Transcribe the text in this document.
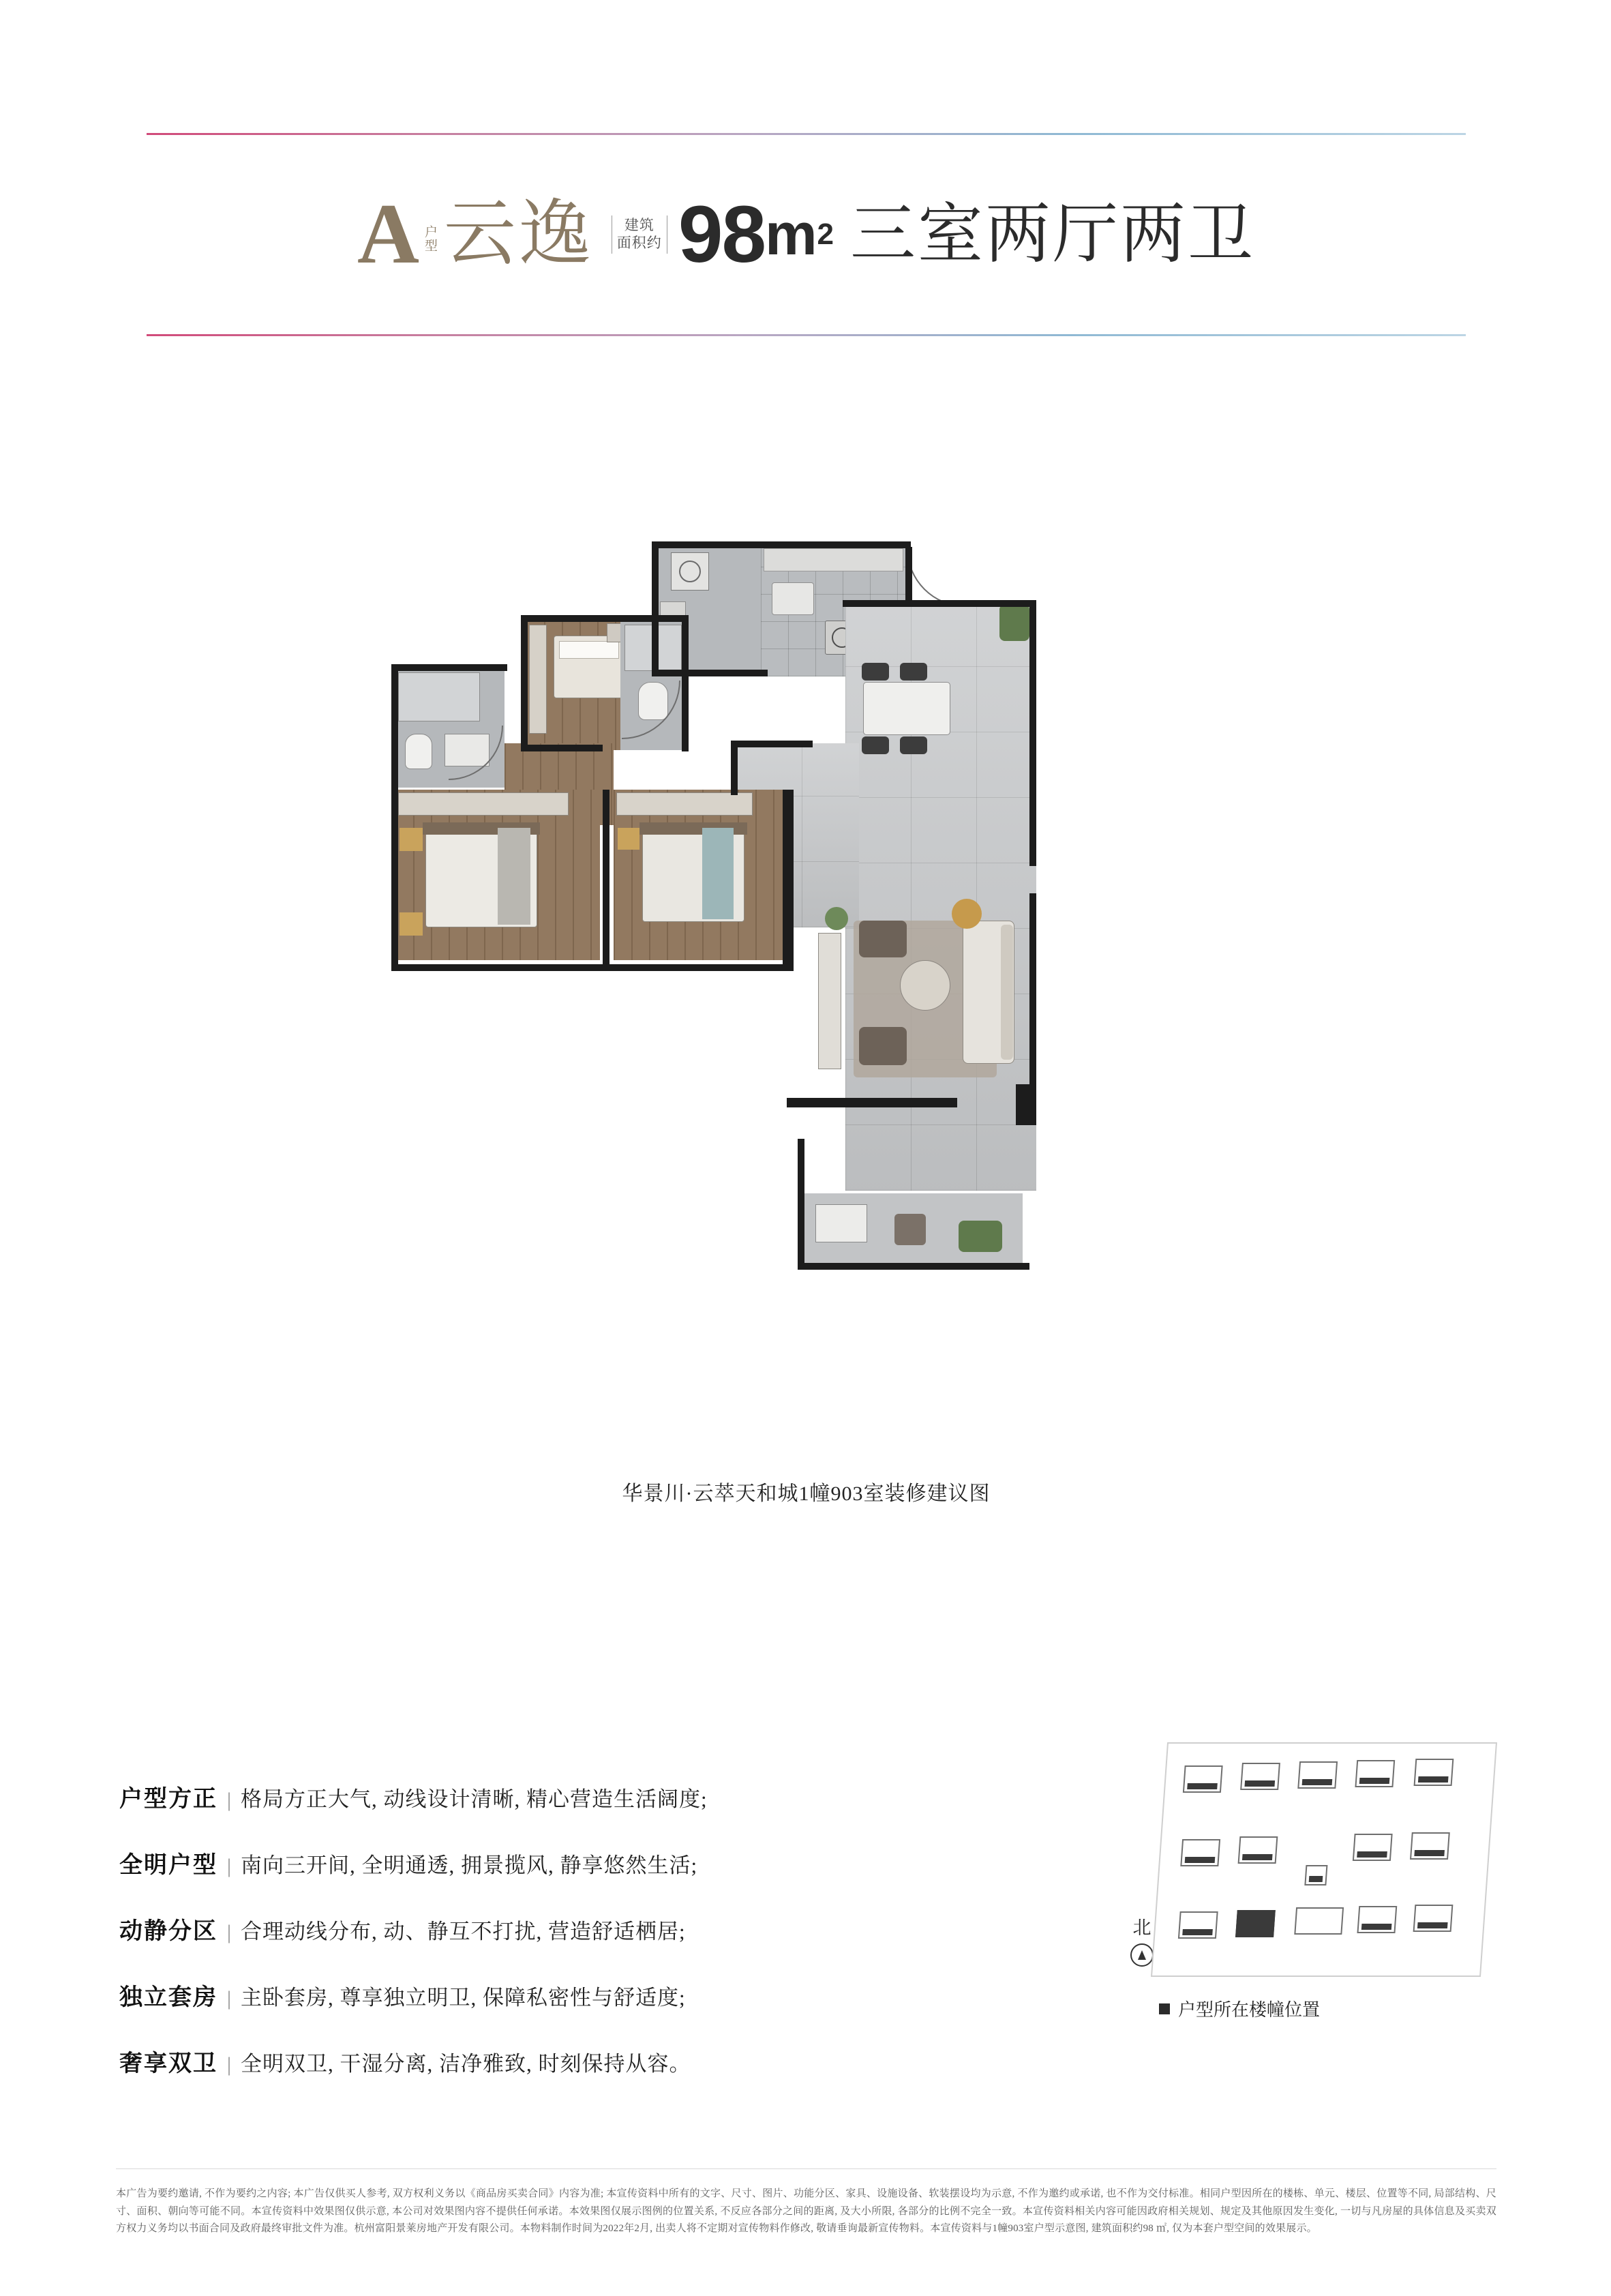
A 户型 云逸	建筑
面积约 98 m 2 三室两厅两卫
华景川·云萃天和城1幢903室装修建议图
户型方正 | 格局方正大气, 动线设计清晰, 精心营造生活阔度;
全明户型 | 南向三开间, 全明通透, 拥景揽风, 静享悠然生活;
动静分区 | 合理动线分布, 动、静互不打扰, 营造舒适栖居;
独立套房 | 主卧套房, 尊享独立明卫, 保障私密性与舒适度;
奢享双卫 | 全明双卫, 干湿分离, 洁净雅致, 时刻保持从容。
北
户型所在楼幢位置
本广告为要约邀请, 不作为要约之内容; 本广告仅供买人参考, 双方权利义务以《商品房买卖合同》内容为准; 本宣传资料中所有的文字、尺寸、图片、功能分区、家具、设施设备、软装摆设均为示意, 不作为邀约或承诺, 也不作为交付标准。相同户型因所在的楼栋、单元、楼层、位置等不同, 局部结构、尺寸、面积、朝向等可能不同。本宣传资料中效果图仅供示意, 本公司对效果图内容不提供任何承诺。本效果图仅展示图例的位置关系, 不反应各部分之间的距离, 及大小所限, 各部分的比例不完全一致。本宣传资料相关内容可能因政府相关规划、规定及其他原因发生变化, 一切与凡房屋的具体信息及买卖双方权力义务均以书面合同及政府最终审批文件为准。杭州富阳景莱房地产开发有限公司。本物料制作时间为2022年2月, 出卖人将不定期对宣传物料作修改, 敬请垂询最新宣传物料。本宣传资料与1幢903室户型示意图, 建筑面积约98 ㎡, 仅为本套户型空间的效果展示。
